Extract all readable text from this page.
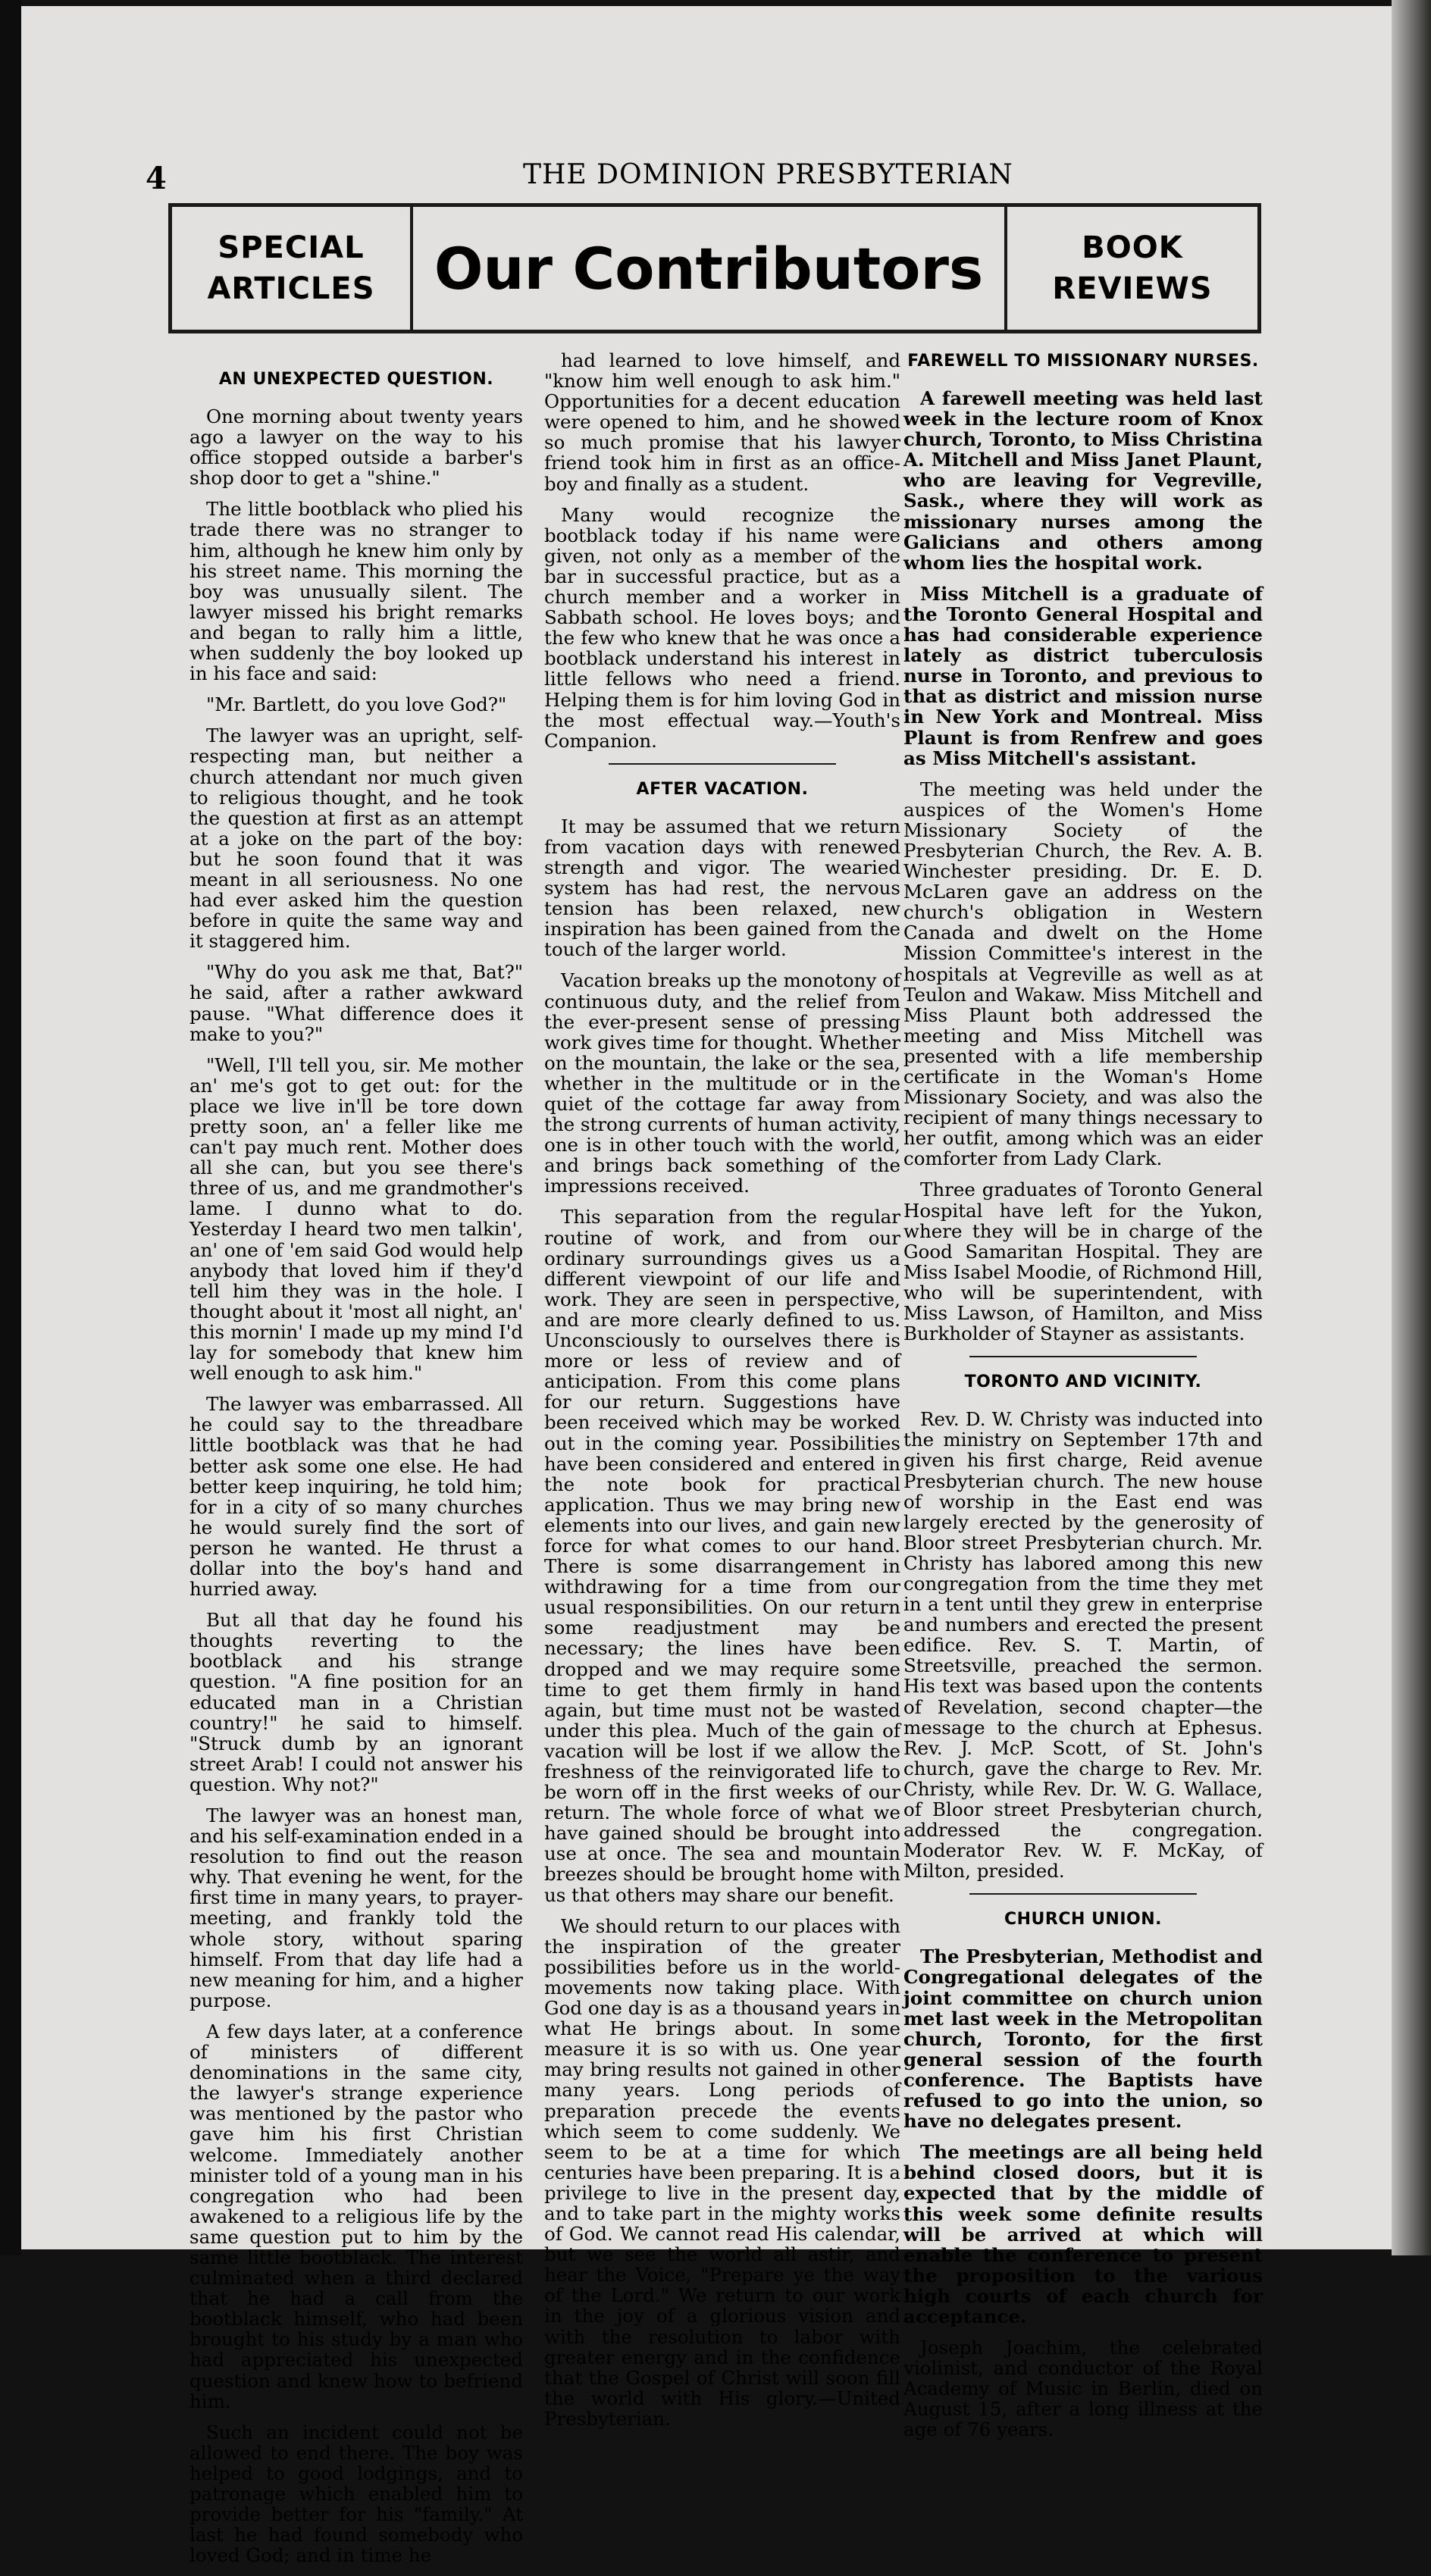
4	THE DOMINION PRESBYTERIAN
SPECIAL
ARTICLES	Our Contributors	BOOK
REVIEWS
AN UNEXPECTED QUESTION.

One morning about twenty years ago a lawyer on the way to his office stopped outside a barber's shop door to get a "shine."

The little bootblack who plied his trade there was no stranger to him, although he knew him only by his street name. This morning the boy was unusually silent. The lawyer missed his bright remarks and began to rally him a little, when suddenly the boy looked up in his face and said:

"Mr. Bartlett, do you love God?"

The lawyer was an upright, self-respecting man, but neither a church attendant nor much given to religious thought, and he took the question at first as an attempt at a joke on the part of the boy: but he soon found that it was meant in all seriousness. No one had ever asked him the question before in quite the same way and it staggered him.

"Why do you ask me that, Bat?" he said, after a rather awkward pause. "What difference does it make to you?"

"Well, I'll tell you, sir. Me mother an' me's got to get out: for the place we live in'll be tore down pretty soon, an' a feller like me can't pay much rent. Mother does all she can, but you see there's three of us, and me grandmother's lame. I dunno what to do. Yesterday I heard two men talkin', an' one of 'em said God would help anybody that loved him if they'd tell him they was in the hole. I thought about it 'most all night, an' this mornin' I made up my mind I'd lay for somebody that knew him well enough to ask him."

The lawyer was embarrassed. All he could say to the threadbare little bootblack was that he had better ask some one else. He had better keep inquiring, he told him; for in a city of so many churches he would surely find the sort of person he wanted. He thrust a dollar into the boy's hand and hurried away.

But all that day he found his thoughts reverting to the bootblack and his strange question. "A fine position for an educated man in a Christian country!" he said to himself. "Struck dumb by an ignorant street Arab! I could not answer his question. Why not?"

The lawyer was an honest man, and his self-examination ended in a resolution to find out the reason why. That evening he went, for the first time in many years, to prayer-meeting, and frankly told the whole story, without sparing himself. From that day life had a new meaning for him, and a higher purpose.

A few days later, at a conference of ministers of different denominations in the same city, the lawyer's strange experience was mentioned by the pastor who gave him his first Christian welcome. Immediately another minister told of a young man in his congregation who had been awakened to a religious life by the same question put to him by the same little bootblack. The interest culminated when a third declared that he had a call from the bootblack himself, who had been brought to his study by a man who had appreciated his unexpected question and knew how to befriend him.

Such an incident could not be allowed to end there. The boy was helped to good lodgings, and to patronage which enabled him to provide better for his "family." At last he had found somebody who loved God; and in time he

had learned to love himself, and "know him well enough to ask him." Opportunities for a decent education were opened to him, and he showed so much promise that his lawyer friend took him in first as an office-boy and finally as a student.

Many would recognize the bootblack today if his name were given, not only as a member of the bar in successful practice, but as a church member and a worker in Sabbath school. He loves boys; and the few who knew that he was once a bootblack understand his interest in little fellows who need a friend. Helping them is for him loving God in the most effectual way.—Youth's Companion.

AFTER VACATION.

It may be assumed that we return from vacation days with renewed strength and vigor. The wearied system has had rest, the nervous tension has been relaxed, new inspiration has been gained from the touch of the larger world.

Vacation breaks up the monotony of continuous duty, and the relief from the ever-present sense of pressing work gives time for thought. Whether on the mountain, the lake or the sea, whether in the multitude or in the quiet of the cottage far away from the strong currents of human activity, one is in other touch with the world, and brings back something of the impressions received.

This separation from the regular routine of work, and from our ordinary surroundings gives us a different viewpoint of our life and work. They are seen in perspective, and are more clearly defined to us. Unconsciously to ourselves there is more or less of review and of anticipation. From this come plans for our return. Suggestions have been received which may be worked out in the coming year. Possibilities have been considered and entered in the note book for practical application. Thus we may bring new elements into our lives, and gain new force for what comes to our hand. There is some disarrangement in withdrawing for a time from our usual responsibilities. On our return some readjustment may be necessary; the lines have been dropped and we may require some time to get them firmly in hand again, but time must not be wasted under this plea. Much of the gain of vacation will be lost if we allow the freshness of the reinvigorated life to be worn off in the first weeks of our return. The whole force of what we have gained should be brought into use at once. The sea and mountain breezes should be brought home with us that others may share our benefit.

We should return to our places with the inspiration of the greater possibilities before us in the world-movements now taking place. With God one day is as a thousand years in what He brings about. In some measure it is so with us. One year may bring results not gained in other many years. Long periods of preparation precede the events which seem to come suddenly. We seem to be at a time for which centuries have been preparing. It is a privilege to live in the present day, and to take part in the mighty works of God. We cannot read His calendar, but we see the world all astir, and hear the Voice, "Prepare ye the way of the Lord." We return to our work in the joy of a glorious vision and with the resolution to labor with greater energy and in the confidence that the Gospel of Christ will soon fill the world with His glory.—United Presbyterian.

FAREWELL TO MISSIONARY NURSES.

A farewell meeting was held last week in the lecture room of Knox church, Toronto, to Miss Christina A. Mitchell and Miss Janet Plaunt, who are leaving for Vegreville, Sask., where they will work as missionary nurses among the Galicians and others among whom lies the hospital work.

Miss Mitchell is a graduate of the Toronto General Hospital and has had considerable experience lately as district tuberculosis nurse in Toronto, and previous to that as district and mission nurse in New York and Montreal. Miss Plaunt is from Renfrew and goes as Miss Mitchell's assistant.

The meeting was held under the auspices of the Women's Home Missionary Society of the Presbyterian Church, the Rev. A. B. Winchester presiding. Dr. E. D. McLaren gave an address on the church's obligation in Western Canada and dwelt on the Home Mission Committee's interest in the hospitals at Vegreville as well as at Teulon and Wakaw. Miss Mitchell and Miss Plaunt both addressed the meeting and Miss Mitchell was presented with a life membership certificate in the Woman's Home Missionary Society, and was also the recipient of many things necessary to her outfit, among which was an eider comforter from Lady Clark.

Three graduates of Toronto General Hospital have left for the Yukon, where they will be in charge of the Good Samaritan Hospital. They are Miss Isabel Moodie, of Richmond Hill, who will be superintendent, with Miss Lawson, of Hamilton, and Miss Burkholder of Stayner as assistants.

TORONTO AND VICINITY.

Rev. D. W. Christy was inducted into the ministry on September 17th and given his first charge, Reid avenue Presbyterian church. The new house of worship in the East end was largely erected by the generosity of Bloor street Presbyterian church. Mr. Christy has labored among this new congregation from the time they met in a tent until they grew in enterprise and numbers and erected the present edifice. Rev. S. T. Martin, of Streetsville, preached the sermon. His text was based upon the contents of Revelation, second chapter—the message to the church at Ephesus. Rev. J. McP. Scott, of St. John's church, gave the charge to Rev. Mr. Christy, while Rev. Dr. W. G. Wallace, of Bloor street Presbyterian church, addressed the congregation. Moderator Rev. W. F. McKay, of Milton, presided.

CHURCH UNION.

The Presbyterian, Methodist and Congregational delegates of the joint committee on church union met last week in the Metropolitan church, Toronto, for the first general session of the fourth conference. The Baptists have refused to go into the union, so have no delegates present.

The meetings are all being held behind closed doors, but it is expected that by the middle of this week some definite results will be arrived at which will enable the conference to present the proposition to the various high courts of each church for acceptance.

Joseph Joachim, the celebrated violinist, and conductor of the Royal Academy of Music in Berlin, died on August 15, after a long illness at the age of 76 years.
